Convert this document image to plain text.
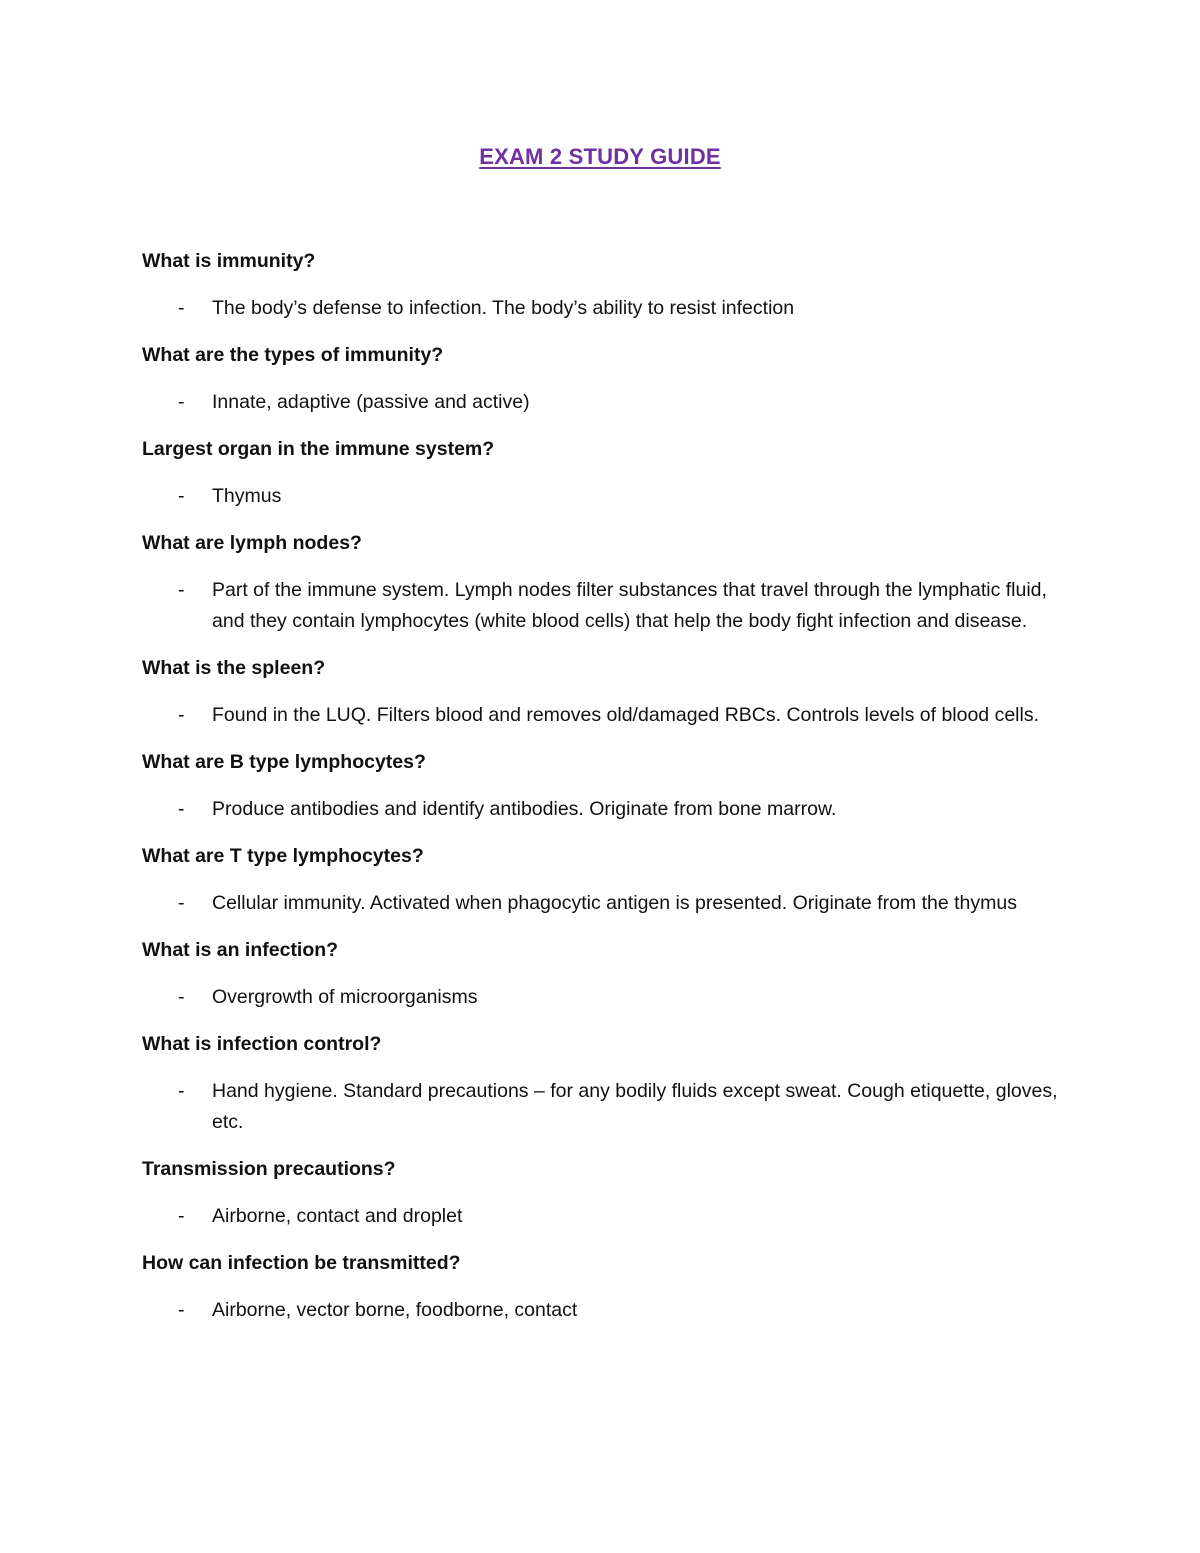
EXAM 2 STUDY GUIDE
What is immunity?
- The body’s defense to infection. The body’s ability to resist infection
What are the types of immunity?
- Innate, adaptive (passive and active)
Largest organ in the immune system?
- Thymus
What are lymph nodes?
- Part of the immune system. Lymph nodes filter substances that travel through the lymphatic fluid, and they contain lymphocytes (white blood cells) that help the body fight infection and disease.
What is the spleen?
- Found in the LUQ. Filters blood and removes old/damaged RBCs. Controls levels of blood cells.
What are B type lymphocytes?
- Produce antibodies and identify antibodies. Originate from bone marrow.
What are T type lymphocytes?
- Cellular immunity. Activated when phagocytic antigen is presented. Originate from the thymus
What is an infection?
- Overgrowth of microorganisms
What is infection control?
- Hand hygiene. Standard precautions – for any bodily fluids except sweat. Cough etiquette, gloves, etc.
Transmission precautions?
- Airborne, contact and droplet
How can infection be transmitted?
- Airborne, vector borne, foodborne, contact
